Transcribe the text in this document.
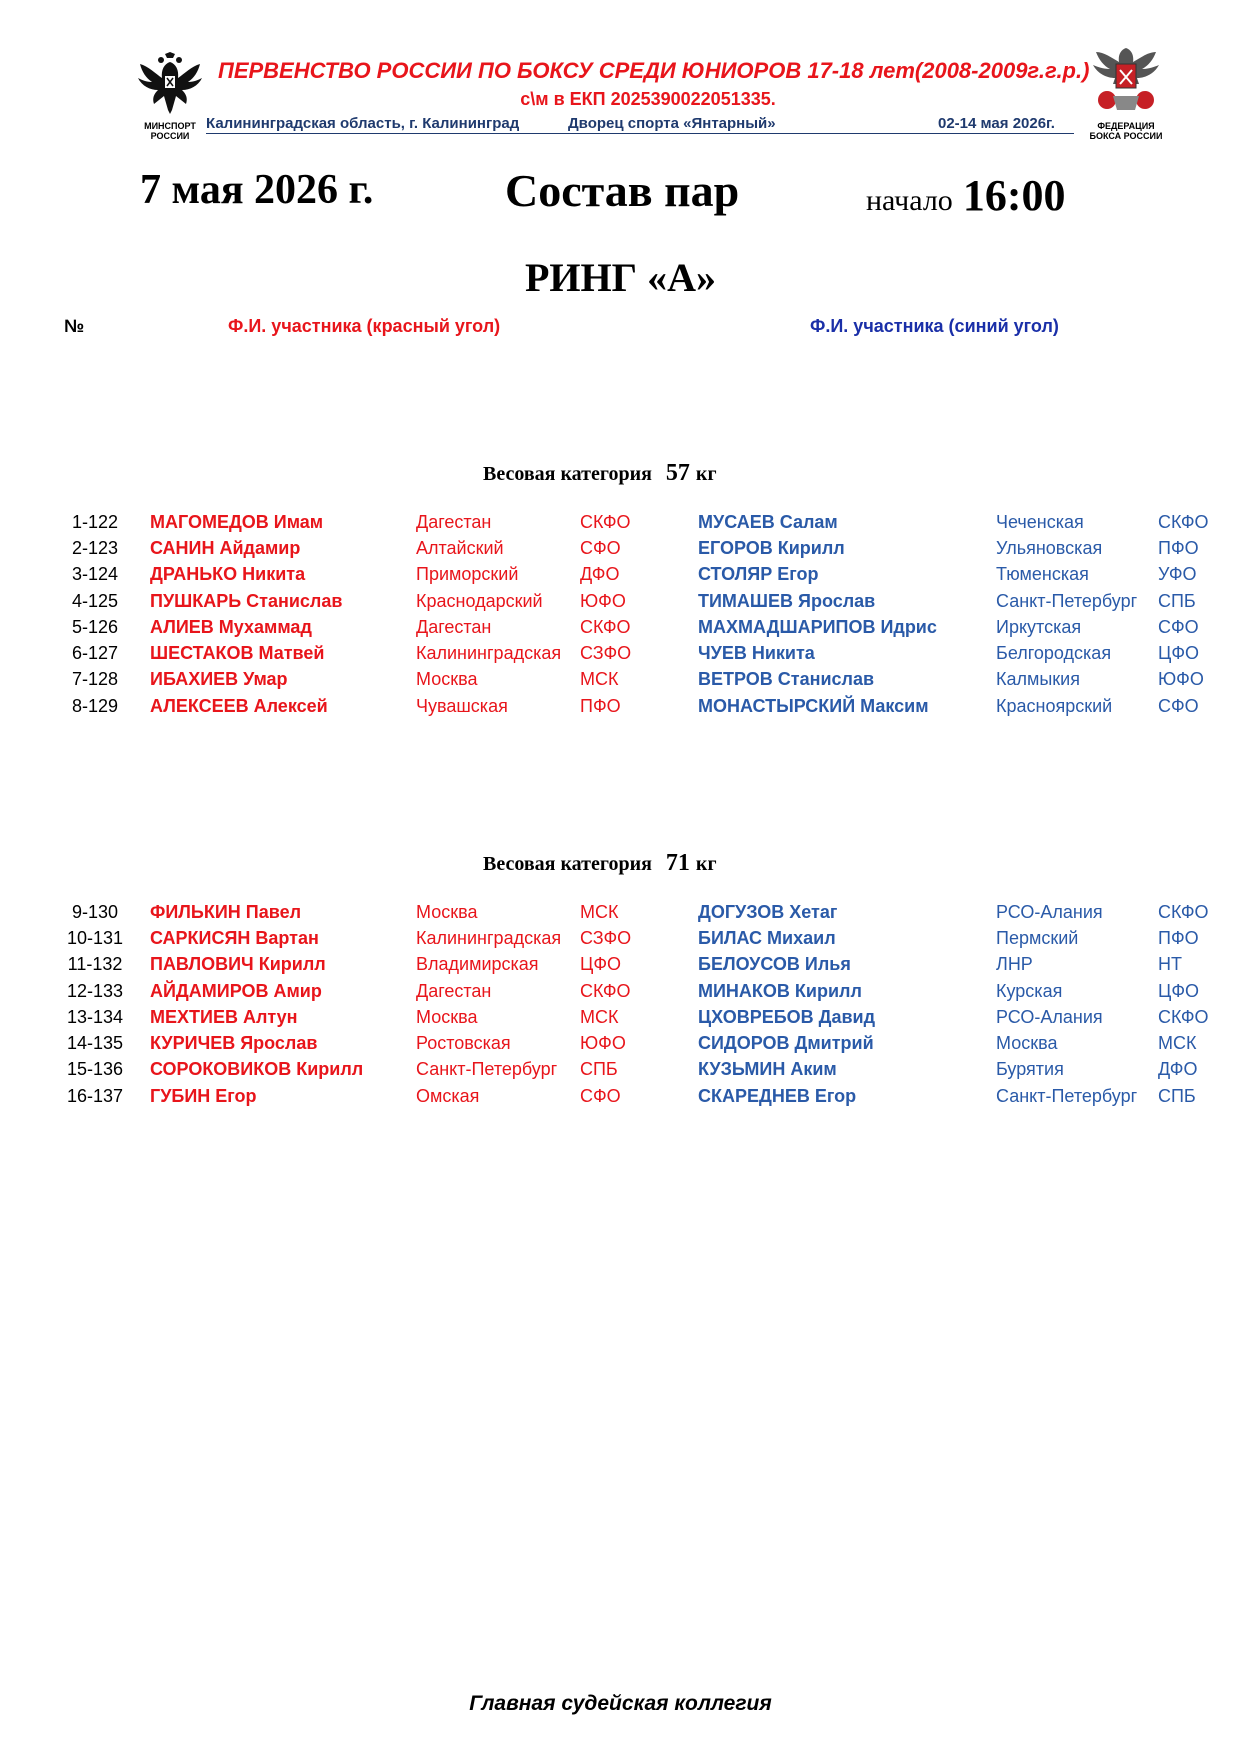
МИНСПОРТ РОССИИ
ФЕДЕРАЦИЯ БОКСА РОССИИ
ПЕРВЕНСТВО РОССИИ ПО БОКСУ СРЕДИ ЮНИОРОВ 17-18 лет(2008-2009г.г.р.)
с\м в ЕКП 2025390022051335.
Калининградская область, г. Калининград	Дворец спорта «Янтарный»	02-14 мая 2026г.
7 мая 2026 г.	Состав пар	начало 16:00
РИНГ «А»
№	Ф.И. участника (красный угол)	Ф.И. участника (синий угол)
Весовая категория 57 кг
1-122	МАГОМЕДОВ Имам	Дагестан	СКФО	МУСАЕВ Салам	Чеченская	СКФО
2-123	САНИН Айдамир	Алтайский	СФО	ЕГОРОВ Кирилл	Ульяновская	ПФО
3-124	ДРАНЬКО Никита	Приморский	ДФО	СТОЛЯР Егор	Тюменская	УФО
4-125	ПУШКАРЬ Станислав	Краснодарский	ЮФО	ТИМАШЕВ Ярослав	Санкт-Петербург	СПБ
5-126	АЛИЕВ Мухаммад	Дагестан	СКФО	МАХМАДШАРИПОВ Идрис	Иркутская	СФО
6-127	ШЕСТАКОВ Матвей	Калининградская	СЗФО	ЧУЕВ Никита	Белгородская	ЦФО
7-128	ИБАХИЕВ Умар	Москва	МСК	ВЕТРОВ Станислав	Калмыкия	ЮФО
8-129	АЛЕКСЕЕВ Алексей	Чувашская	ПФО	МОНАСТЫРСКИЙ Максим	Красноярский	СФО
Весовая категория 71 кг
9-130	ФИЛЬКИН Павел	Москва	МСК	ДОГУЗОВ Хетаг	РСО-Алания	СКФО
10-131	САРКИСЯН Вартан	Калининградская	СЗФО	БИЛАС Михаил	Пермский	ПФО
11-132	ПАВЛОВИЧ Кирилл	Владимирская	ЦФО	БЕЛОУСОВ Илья	ЛНР	НТ
12-133	АЙДАМИРОВ Амир	Дагестан	СКФО	МИНАКОВ Кирилл	Курская	ЦФО
13-134	МЕХТИЕВ Алтун	Москва	МСК	ЦХОВРЕБОВ Давид	РСО-Алания	СКФО
14-135	КУРИЧЕВ Ярослав	Ростовская	ЮФО	СИДОРОВ Дмитрий	Москва	МСК
15-136	СОРОКОВИКОВ Кирилл	Санкт-Петербург	СПБ	КУЗЬМИН Аким	Бурятия	ДФО
16-137	ГУБИН Егор	Омская	СФО	СКАРЕДНЕВ Егор	Санкт-Петербург	СПБ
Главная судейская коллегия
